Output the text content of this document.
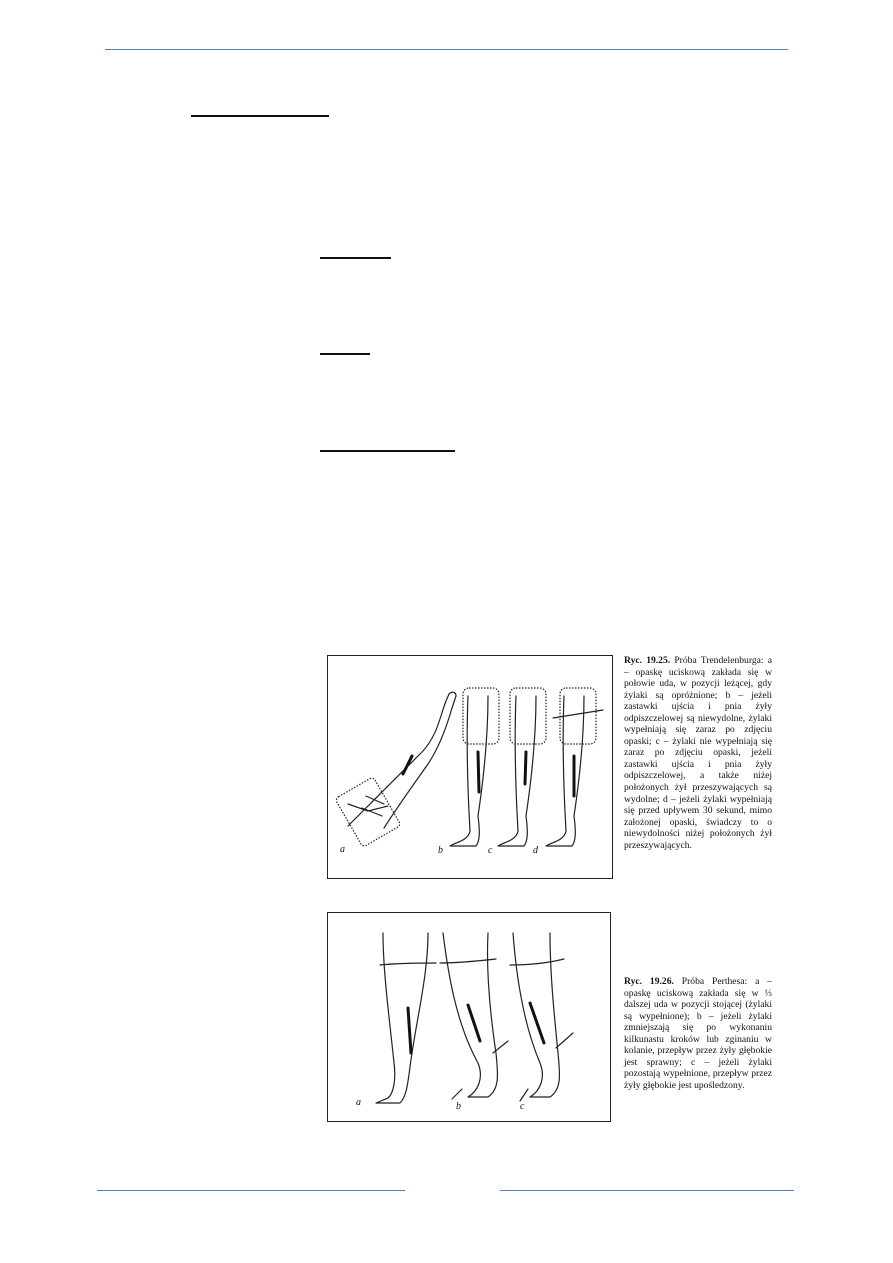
a	b	c	d
Ryc. 19.25. Próba Trendelenburga: a – opaskę uciskową zakłada się w połowie uda, w pozycji leżącej, gdy żylaki są opróżnione; b – jeżeli zastawki ujścia i pnia żyły odpiszczelowej są niewydolne, żylaki wypełniają się zaraz po zdjęciu opaski; c – żylaki nie wypełniają się zaraz po zdjęciu opaski, jeżeli zastawki ujścia i pnia żyły odpiszczelowej, a także niżej położonych żył przeszywających są wydolne; d – jeżeli żylaki wypełniają się przed upływem 30 sekund, mimo założonej opaski, świadczy to o niewydolności niżej położonych żył przeszywających.
a	b	c
Ryc. 19.26. Próba Perthesa: a – opaskę uciskową zakłada się w ⅓ dalszej uda w pozycji stojącej (żylaki są wypełnione); b – jeżeli żylaki zmniejszają się po wykonaniu kilkunastu kroków lub zginaniu w kolanie, przepływ przez żyły głębokie jest sprawny; c – jeżeli żylaki pozostają wypełnione, przepływ przez żyły głębokie jest upośledzony.
